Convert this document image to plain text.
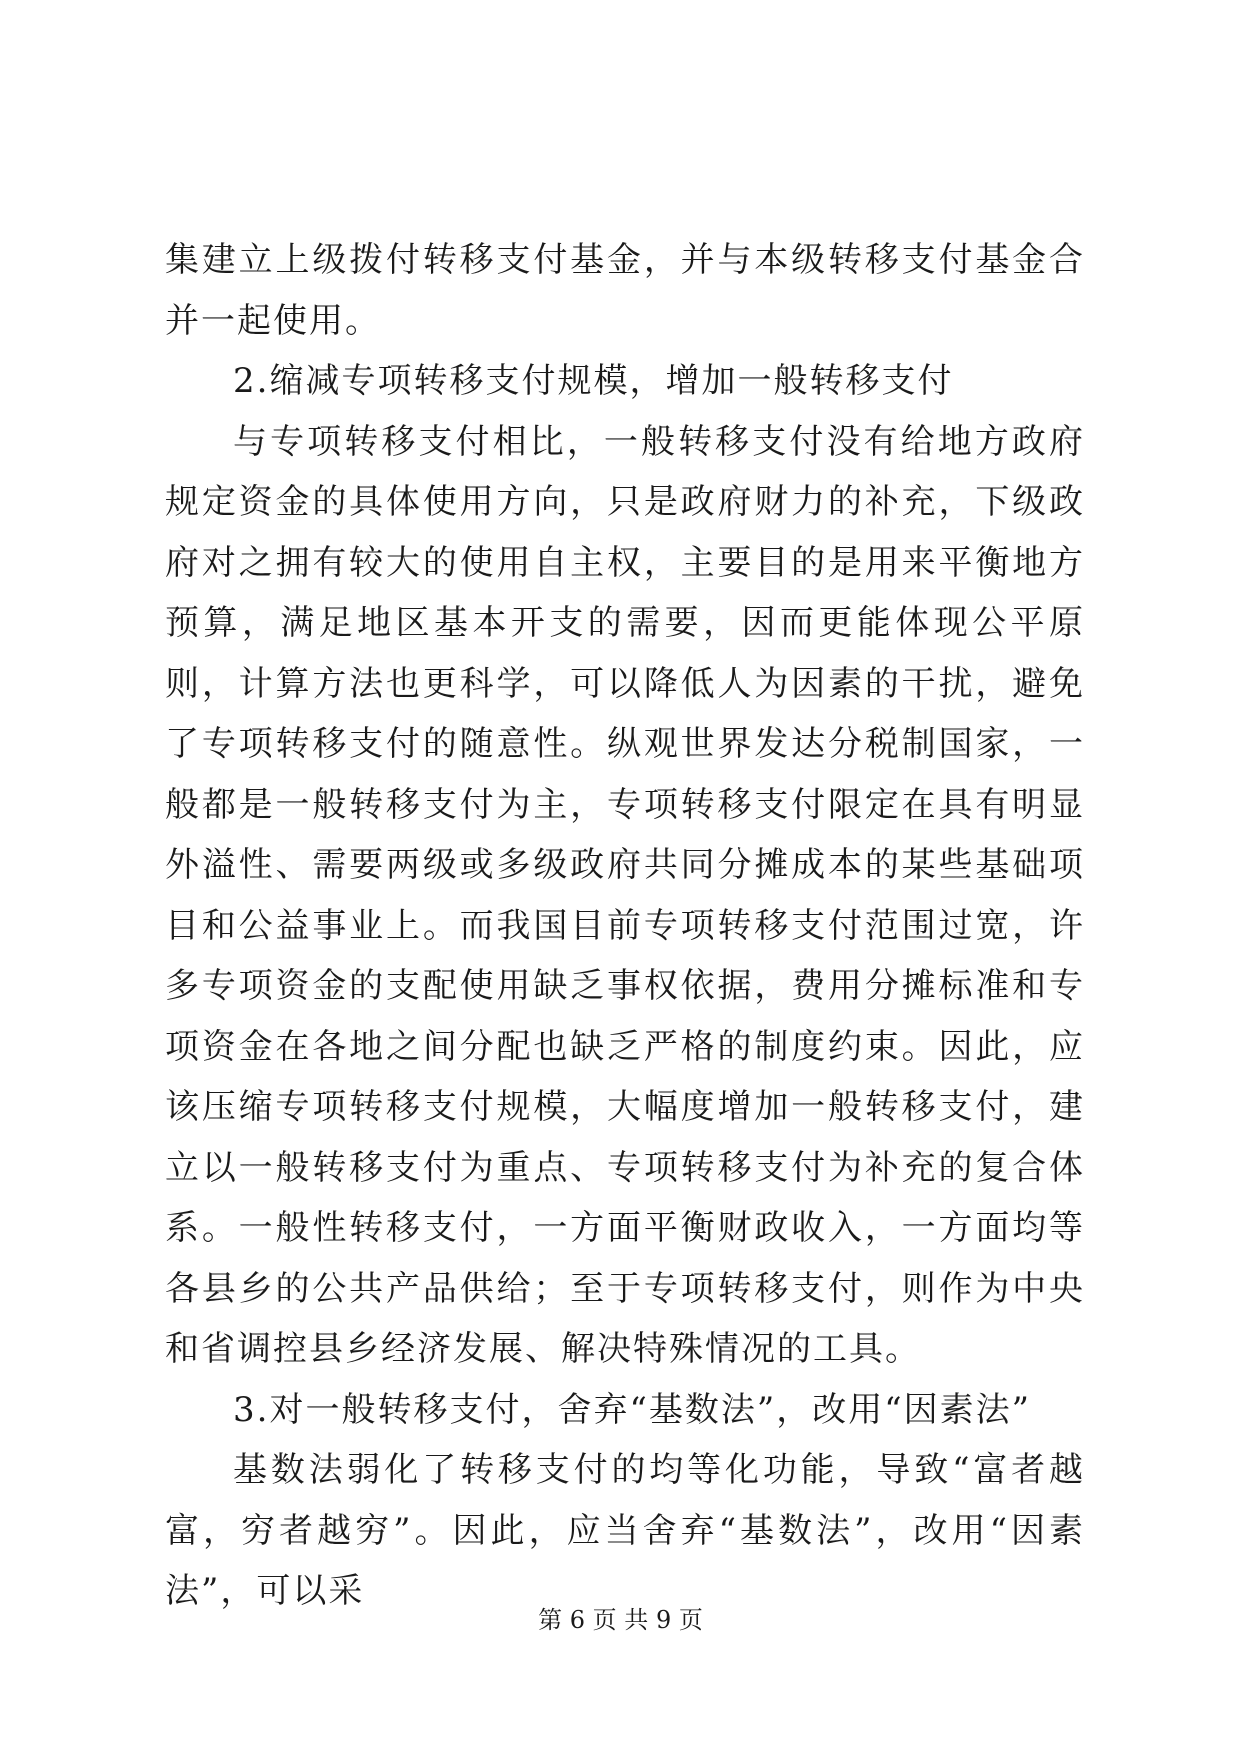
集建立上级拨付转移支付基金，并与本级转移支付基金合并一起使用。

2.缩减专项转移支付规模，增加一般转移支付

与专项转移支付相比，一般转移支付没有给地方政府规定资金的具体使用方向，只是政府财力的补充，下级政府对之拥有较大的使用自主权，主要目的是用来平衡地方预算，满足地区基本开支的需要，因而更能体现公平原则，计算方法也更科学，可以降低人为因素的干扰，避免了专项转移支付的随意性。纵观世界发达分税制国家，一般都是一般转移支付为主，专项转移支付限定在具有明显外溢性、需要两级或多级政府共同分摊成本的某些基础项目和公益事业上。而我国目前专项转移支付范围过宽，许多专项资金的支配使用缺乏事权依据，费用分摊标准和专项资金在各地之间分配也缺乏严格的制度约束。因此，应该压缩专项转移支付规模，大幅度增加一般转移支付，建立以一般转移支付为重点、专项转移支付为补充的复合体系。一般性转移支付，一方面平衡财政收入，一方面均等各县乡的公共产品供给；至于专项转移支付，则作为中央和省调控县乡经济发展、解决特殊情况的工具。

3.对一般转移支付，舍弃“基数法”，改用“因素法”

基数法弱化了转移支付的均等化功能，导致“富者越富，穷者越穷”。因此，应当舍弃“基数法”，改用“因素法”，可以采

第 6 页 共 9 页
